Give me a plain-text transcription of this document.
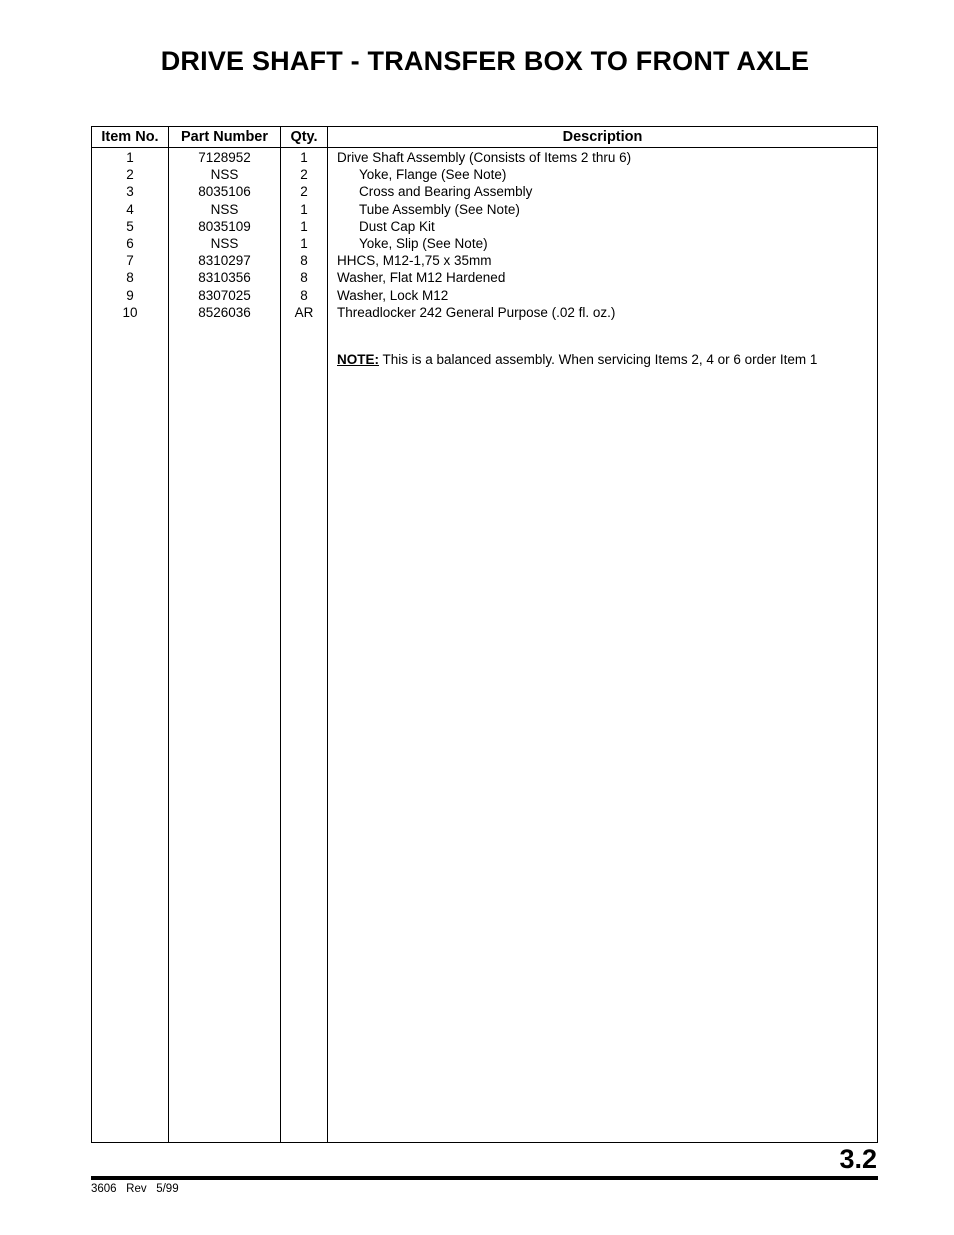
DRIVE SHAFT - TRANSFER BOX TO FRONT AXLE
Item No.	Part Number	Qty.	Description
1	7128952	1	Drive Shaft Assembly (Consists of Items 2 thru 6)
2	NSS	2	Yoke, Flange (See Note)
3	8035106	2	Cross and Bearing Assembly
4	NSS	1	Tube Assembly (See Note)
5	8035109	1	Dust Cap Kit
6	NSS	1	Yoke, Slip (See Note)
7	8310297	8	HHCS, M12-1,75 x 35mm
8	8310356	8	Washer, Flat M12 Hardened
9	8307025	8	Washer, Lock M12
10	8526036	AR	Threadlocker 242 General Purpose (.02 fl. oz.)
NOTE: This is a balanced assembly. When servicing Items 2, 4 or 6 order Item 1
3.2
3606   Rev   5/99
